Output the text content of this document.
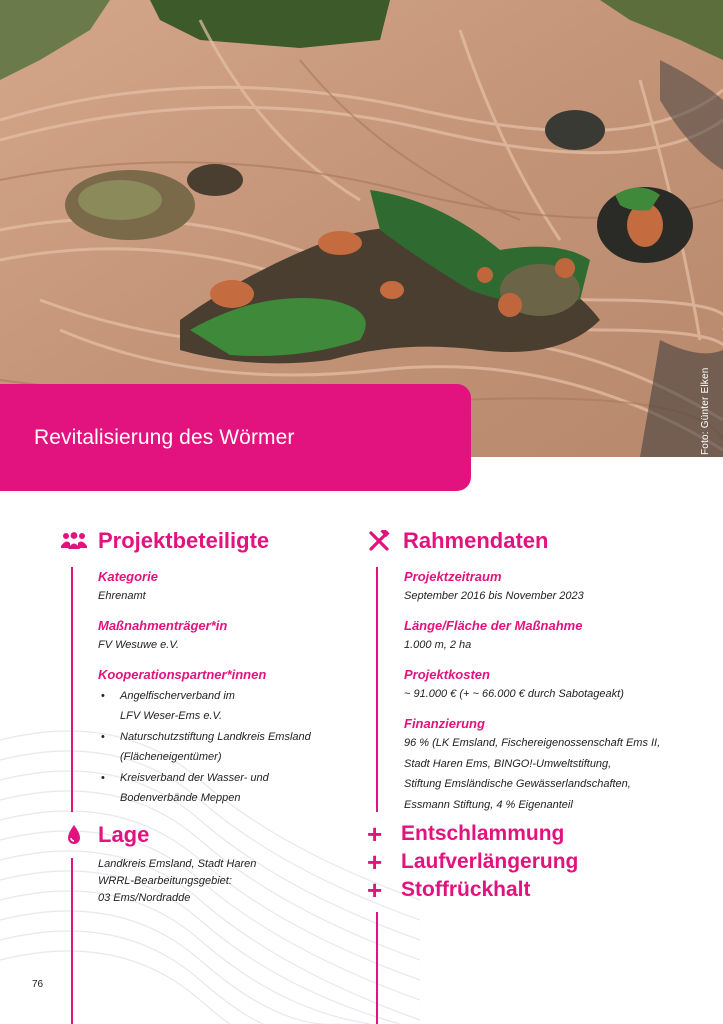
Foto: Günter Elken
Revitalisierung des Wörmer
Projektbeteiligte
Kategorie
Ehrenamt
Maßnahmenträger*in
FV Wesuwe e.V.
Kooperationspartner*innen
• Angelfischerverband im
LFV Weser-Ems e.V.
• Naturschutzstiftung Landkreis Emsland
(Flächeneigentümer)
• Kreisverband der Wasser- und
Bodenverbände Meppen
Lage
Landkreis Emsland, Stadt Haren
WRRL-Bearbeitungsgebiet:
03 Ems/Nordradde
Rahmendaten
Projektzeitraum
September 2016 bis November 2023
Länge/Fläche der Maßnahme
1.000 m, 2 ha
Projektkosten
~ 91.000 € (+ ~ 66.000 € durch Sabotageakt)
Finanzierung
96 % (LK Emsland, Fischereigenossenschaft Ems II,
Stadt Haren Ems, BINGO!-Umweltstiftung,
Stiftung Emsländische Gewässerlandschaften,
Essmann Stiftung, 4 % Eigenanteil
+ Entschlammung
+ Laufverlängerung
+ Stoffrückhalt
76
